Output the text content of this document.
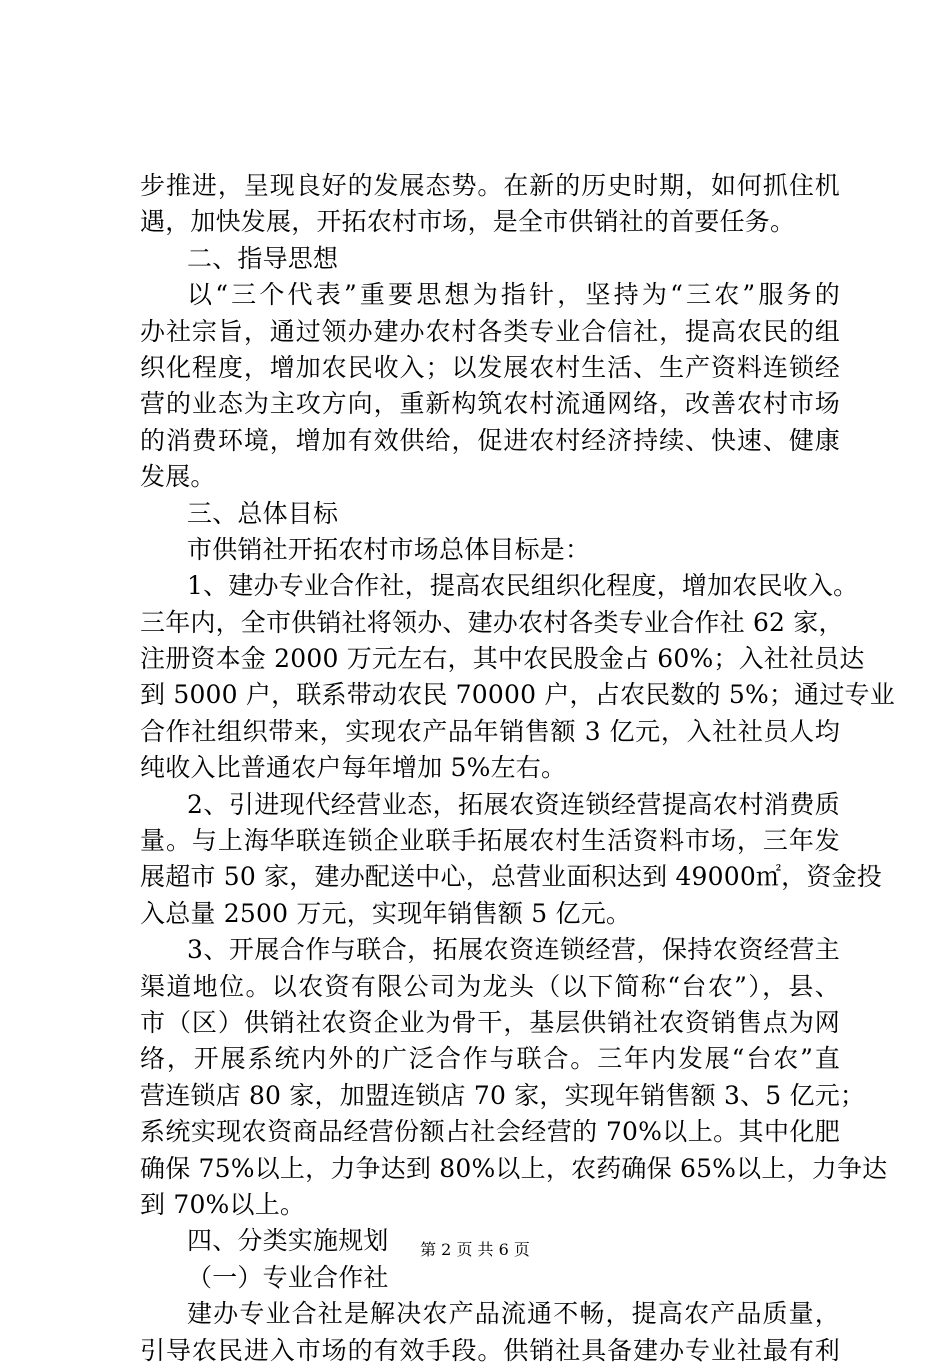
步推进，呈现良好的发展态势。在新的历史时期，如何抓住机
遇，加快发展，开拓农村市场，是全市供销社的首要任务。
二、指导思想
以“三个代表”重要思想为指针，坚持为“三农”服务的
办社宗旨，通过领办建办农村各类专业合信社，提高农民的组
织化程度，增加农民收入；以发展农村生活、生产资料连锁经
营的业态为主攻方向，重新构筑农村流通网络，改善农村市场
的消费环境，增加有效供给，促进农村经济持续、快速、健康
发展。
三、总体目标
市供销社开拓农村市场总体目标是：
1、建办专业合作社，提高农民组织化程度，增加农民收入。
三年内，全市供销社将领办、建办农村各类专业合作社 62 家，
注册资本金 2000 万元左右，其中农民股金占 60%；入社社员达
到 5000 户，联系带动农民 70000 户，占农民数的 5%；通过专业
合作社组织带来，实现农产品年销售额 3 亿元，入社社员人均
纯收入比普通农户每年增加 5%左右。
2、引进现代经营业态，拓展农资连锁经营提高农村消费质
量。与上海华联连锁企业联手拓展农村生活资料市场，三年发
展超市 50 家，建办配送中心，总营业面积达到 49000㎡，资金投
入总量 2500 万元，实现年销售额 5 亿元。
3、开展合作与联合，拓展农资连锁经营，保持农资经营主
渠道地位。以农资有限公司为龙头（以下简称“台农”），县、
市（区）供销社农资企业为骨干，基层供销社农资销售点为网
络，开展系统内外的广泛合作与联合。三年内发展“台农”直
营连锁店 80 家，加盟连锁店 70 家，实现年销售额 3、5 亿元；
系统实现农资商品经营份额占社会经营的 70%以上。其中化肥
确保 75%以上，力争达到 80%以上，农药确保 65%以上，力争达
到 70%以上。
四、分类实施规划
（一）专业合作社
建办专业合社是解决农产品流通不畅，提高农产品质量，
引导农民进入市场的有效手段。供销社具备建办专业社最有利
第 2 页 共 6 页
